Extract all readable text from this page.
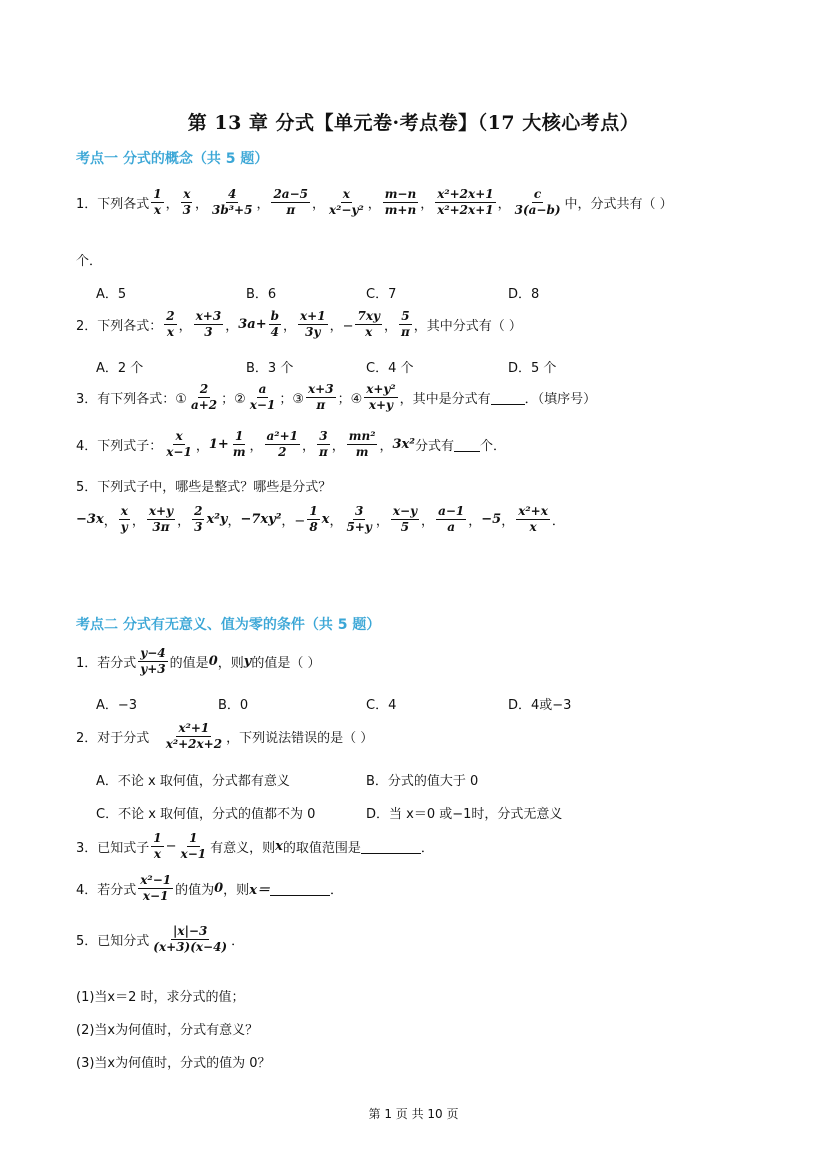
第 13 章 分式【单元卷·考点卷】（17 大核心考点）
考点一 分式的概念（共 5 题）
1．下列各式 $\frac{1}{x}$ ， $\frac{x}{3}$ ， $\frac{4}{\text{3b³+5}}$ ， $\frac{2a-5}{\pi}$ ， $\frac{x}{\text{x²−y²}}$ ， $\frac{m-n}{m+n}$ ， $\frac{\text{x²+2x+1}}{\text{x²+2x+1}}$ ， $\frac{c}{3(a-b)}$ 中，分式共有（ ）
个．
A．5	B．6	C．7	D．8
2．下列各式： $\frac{2}{x}$ ， $\frac{x+3}{3}$ ， $3a+ \frac{b}{4}$ ， $\frac{x+1}{3y}$ ，− $\frac{7xy}{x}$ ， $\frac{5}{\pi}$ ，其中分式有（ ）
A．2 个	B．3 个	C．4 个	D．5 个
3．有下列各式：① $\frac{2}{a+2}$ ；② $\frac{a}{x-1}$ ；③ $\frac{x+3}{\pi}$ ；④ $\frac{\text{x+y²}}{x+y}$ ，其中是分式有
	．（填序号）
4．下列式子： $\frac{x}{x-1}$ ， $1+ \frac{1}{m}$ ， $\frac{\text{a²+1}}{2}$ ， $\frac{3}{\pi}$ ， $\frac{\text{mn²}}{m}$ ， 3x² 分式有
个．
5．下列式子中，哪些是整式？哪些是分式？
−3x ， $\frac{x}{y}$ ， $\frac{x+y}{3\pi}$ ， $\frac{2}{3} x^2y$ ， −7xy² ，− $\frac{1}{8}$ x ， $\frac{3}{5+y}$ ， $\frac{x-y}{5}$ ， $\frac{a-1}{a}$ ， −5 ， $\frac{\text{x²+x}}{x}$ ．
考点二 分式有无意义、值为零的条件（共 5 题）
1．若分式 $\frac{y-4}{y+3}$ 的值是 0 ，则 y 的值是（ ）
A．−3	B．0	C．4	D．4或−3
2．对于分式
$\frac{\text{x²+1}}{\text{x²+2x+2}}$ ，下列说法错误的是（ ）
A．不论 x 取何值，分式都有意义	B．分式的值大于 0
C．不论 x 取何值，分式的值都不为 0	D．当 x＝0 或−1时，分式无意义
3．已知式子 $\frac{1}{x} - \frac{1}{x-1}$ 有意义，则 x 的取值范围是
	．
4．若分式 $\frac{\text{x²−1}}{x-1}$ 的值为 0 ，则 x＝
	．
5．已知分式 $\frac{|x|-3}{(x+3)(x-4)}$ ．
(1)当x＝2 时，求分式的值；
(2)当x为何值时，分式有意义？
(3)当x为何值时，分式的值为 0？
第 1 页 共 10 页
